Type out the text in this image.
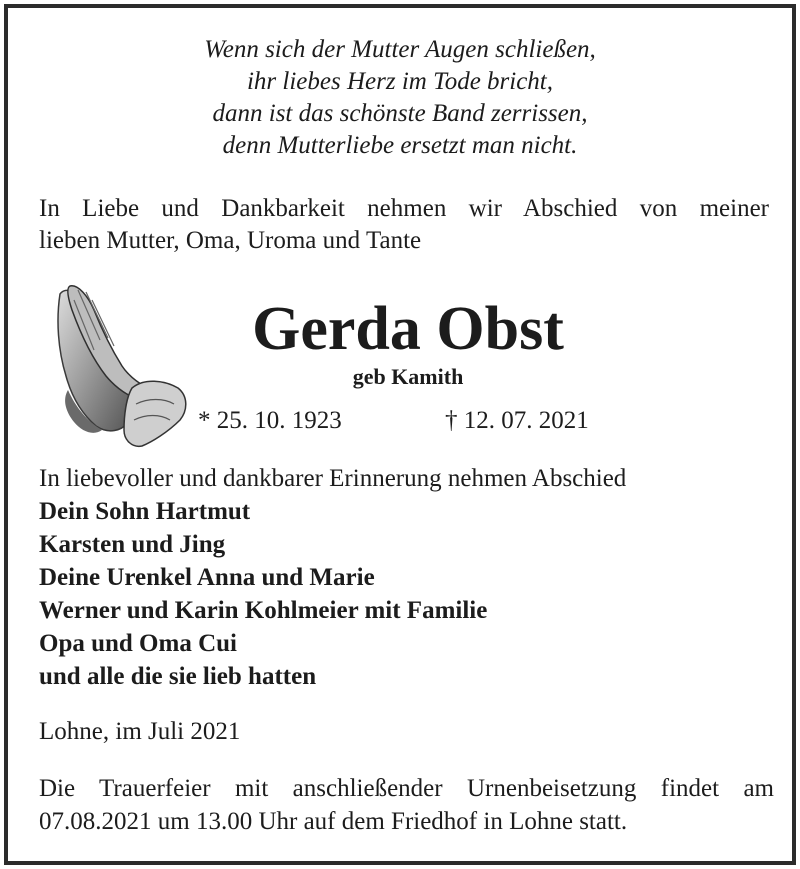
Wenn sich der Mutter Augen schließen,
ihr liebes Herz im Tode bricht,
dann ist das schönste Band zerrissen,
denn Mutterliebe ersetzt man nicht.
In Liebe und Dankbarkeit nehmen wir Abschied von meiner
lieben Mutter, Oma, Uroma und Tante
Gerda Obst
geb Kamith
* 25. 10. 1923	† 12. 07. 2021
In liebevoller und dankbarer Erinnerung nehmen Abschied
Dein Sohn Hartmut
Karsten und Jing
Deine Urenkel Anna und Marie
Werner und Karin Kohlmeier mit Familie
Opa und Oma Cui
und alle die sie lieb hatten
Lohne, im Juli 2021
Die Trauerfeier mit anschließender Urnenbeisetzung findet am
07.08.2021 um 13.00 Uhr auf dem Friedhof in Lohne statt.
